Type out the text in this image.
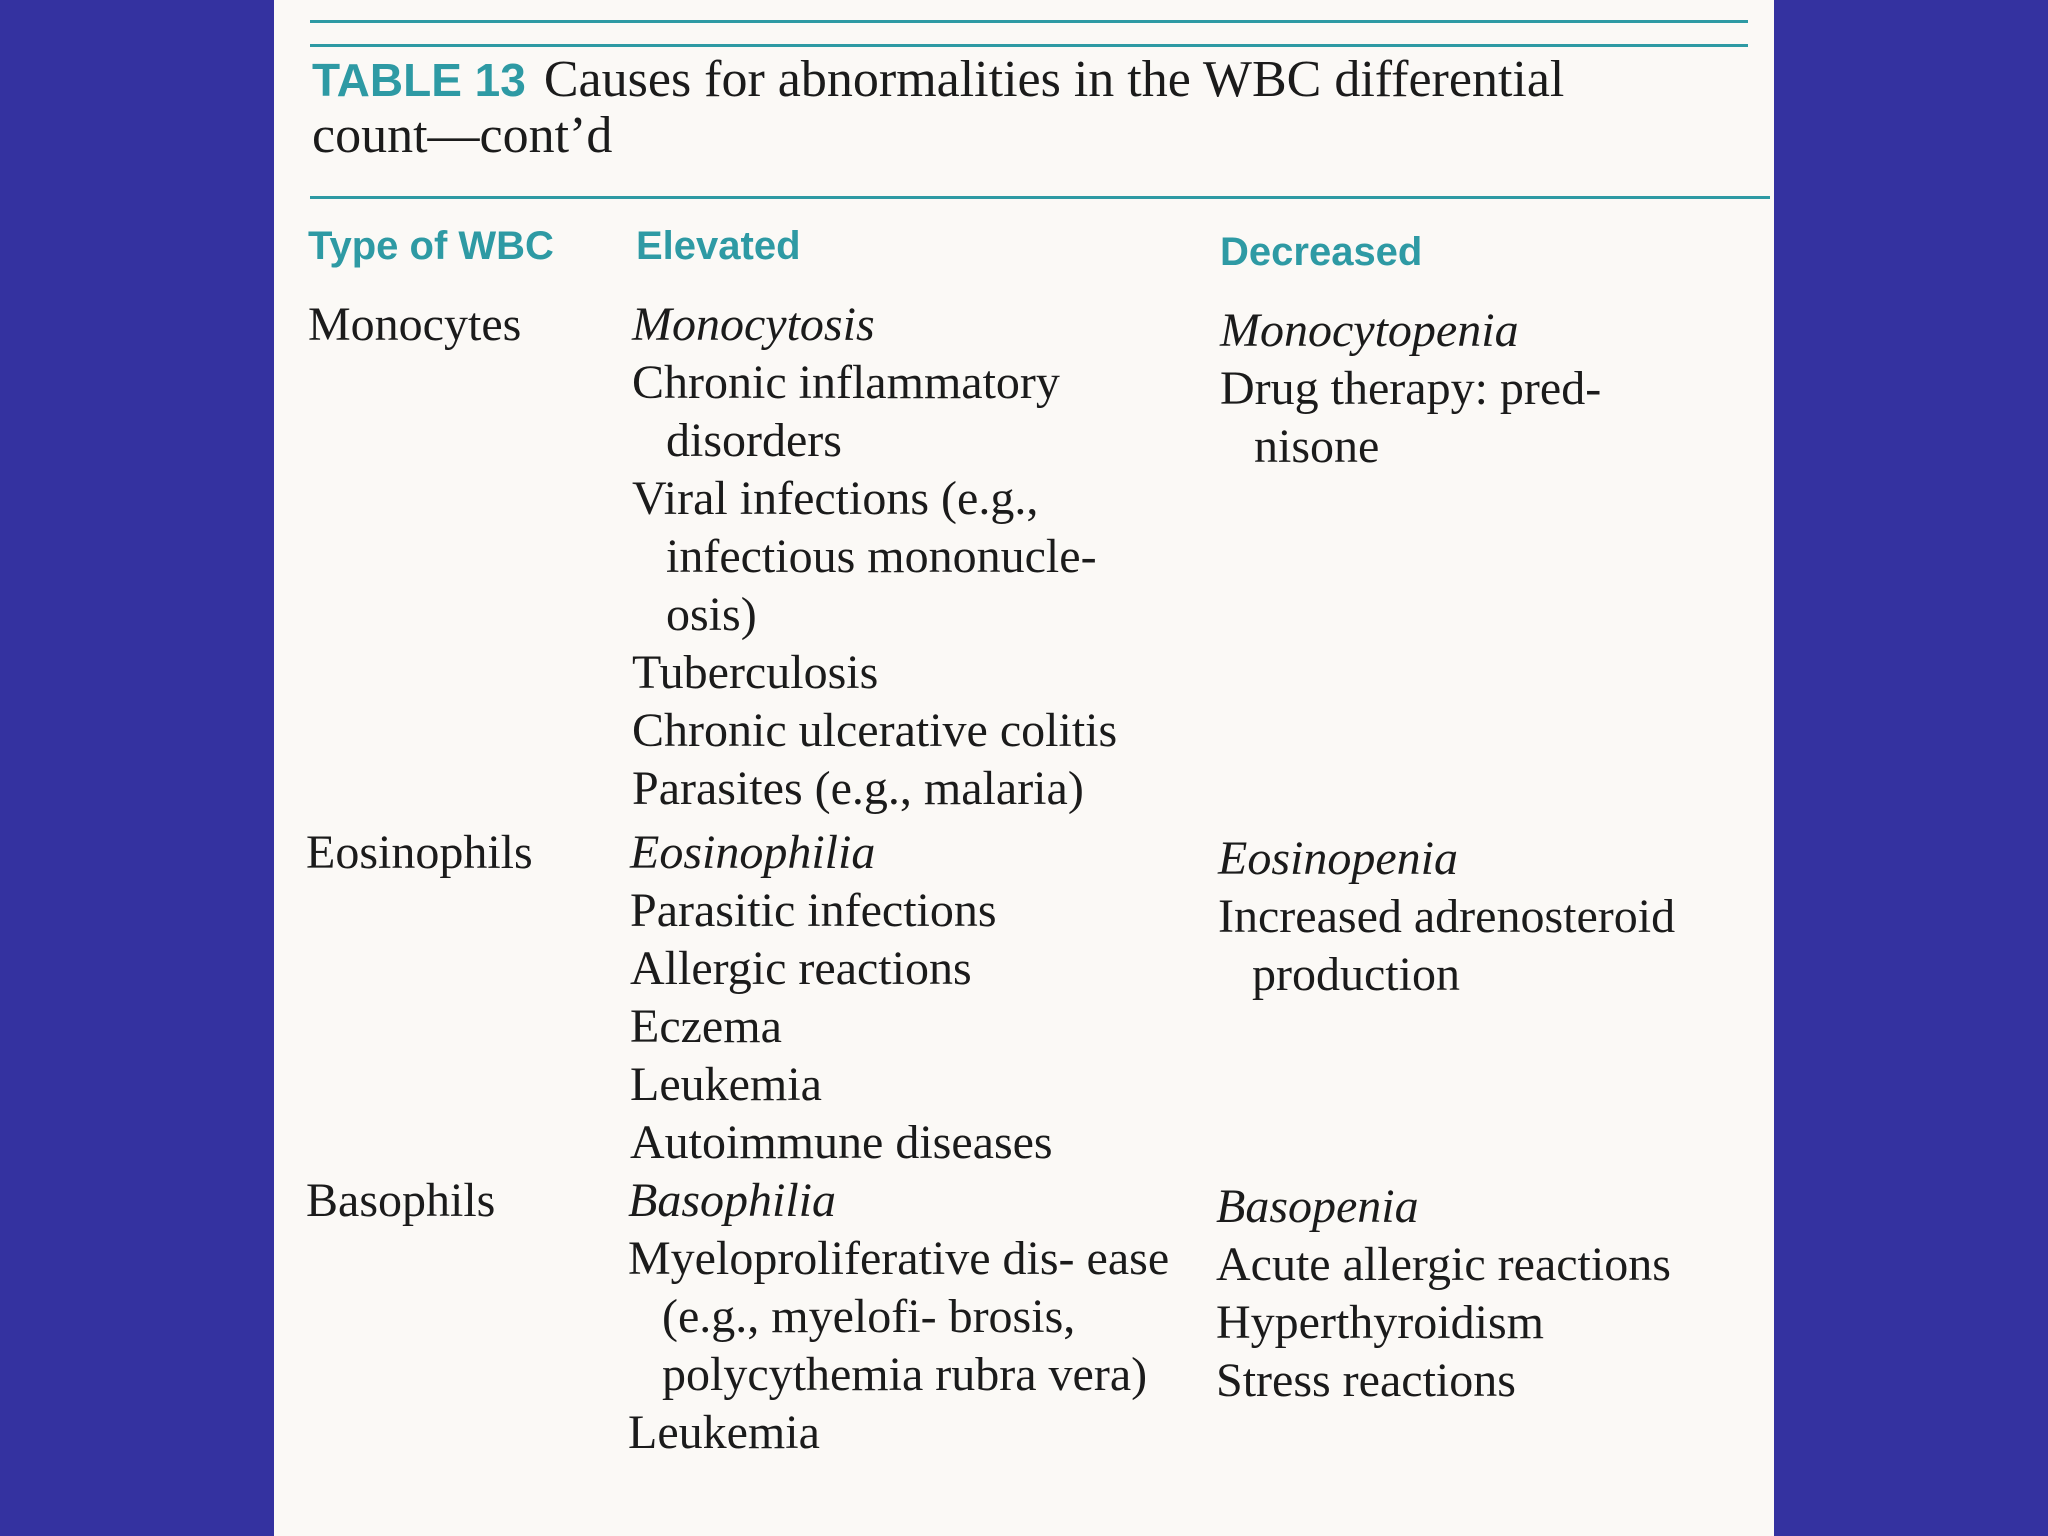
TABLE 13 Causes for abnormalities in the WBC differential
count—cont’d
Type of WBC Elevated	Decreased
Monocytes Monocytosis
Chronic inflammatory disorders
Viral infections (e.g., infectious mononucle- osis)
Tuberculosis
Chronic ulcerative colitis
Parasites (e.g., malaria)
Monocytopenia
Drug therapy: pred- nisone
Eosinophils Eosinophilia
Parasitic infections
Allergic reactions
Eczema
Leukemia
Autoimmune diseases
Eosinopenia
Increased adrenosteroid production
Basophils	Basophilia
Myeloproliferative dis- ease (e.g., myelofi- brosis, polycythemia rubra vera)
Leukemia
Basopenia
Acute allergic reactions
Hyperthyroidism
Stress reactions
